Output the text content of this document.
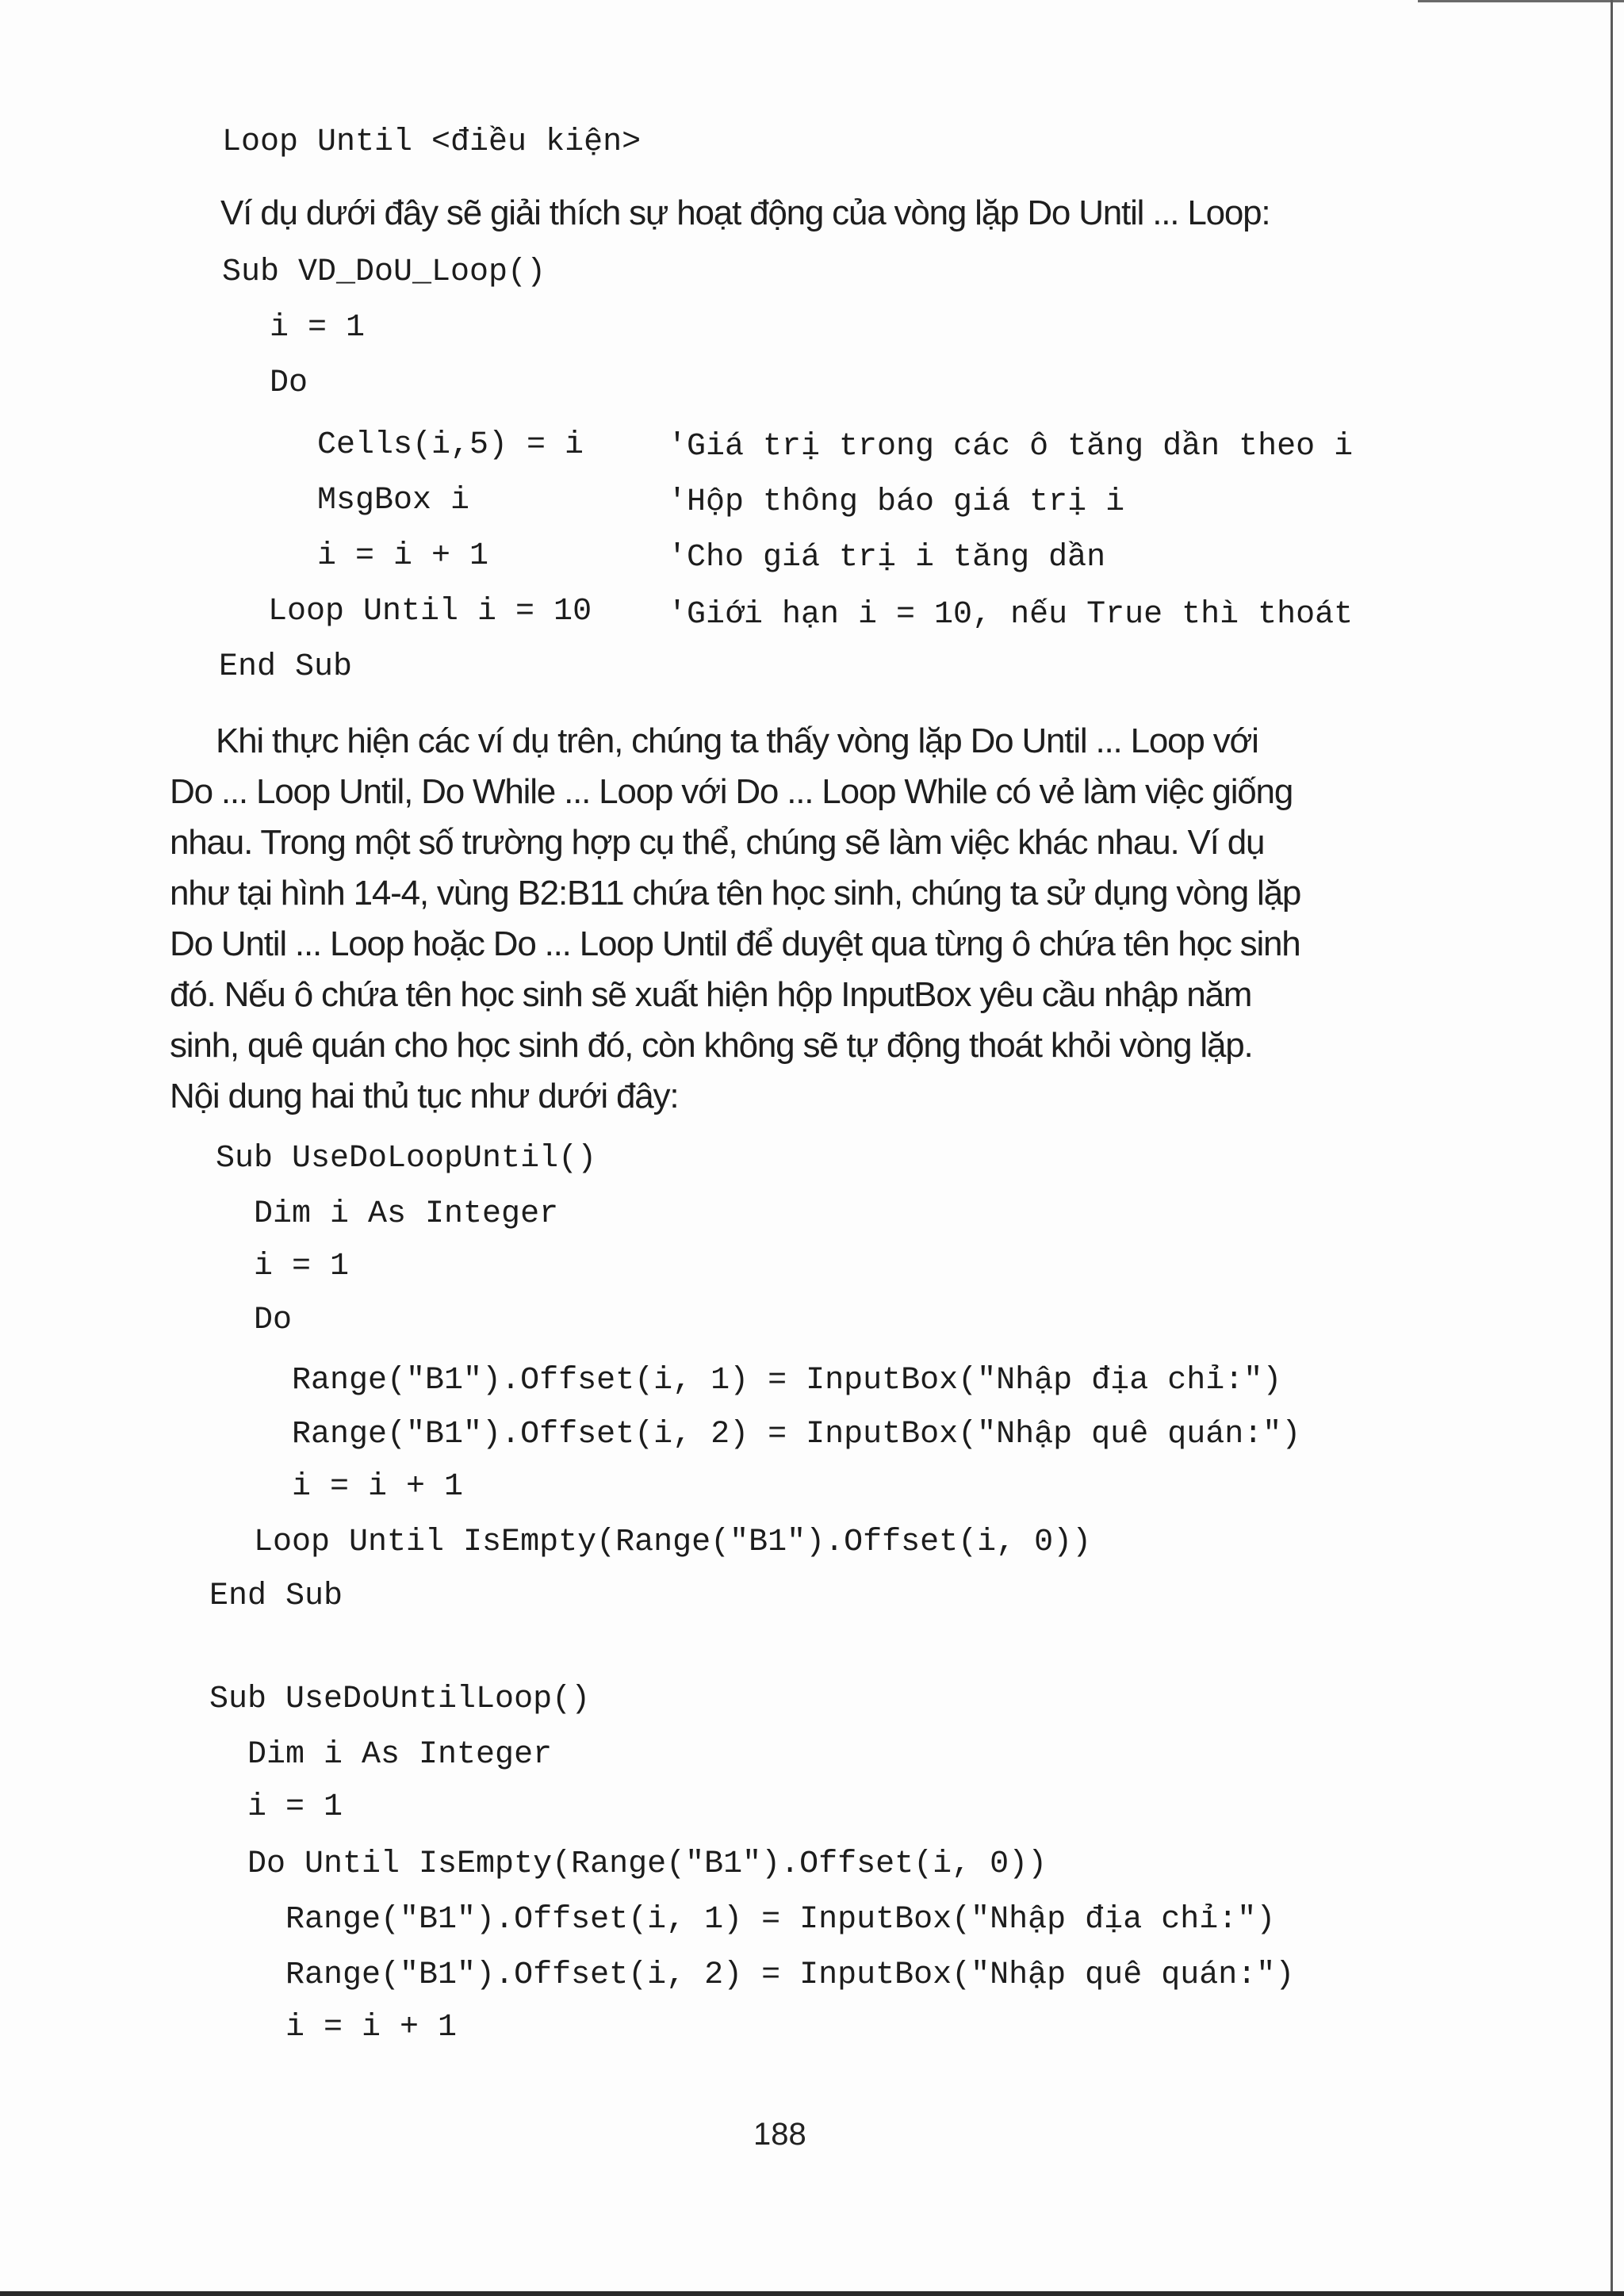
Loop Until <điều kiện>
Ví dụ dưới đây sẽ giải thích sự hoạt động của vòng lặp Do Until ... Loop:
Sub VD_DoU_Loop()
i = 1
Do
Cells(i,5) = i	'Giá trị trong các ô tăng dần theo i
MsgBox i	'Hộp thông báo giá trị i
i = i + 1	'Cho giá trị i tăng dần
Loop Until i = 10 'Giới hạn i = 10, nếu True thì thoát
End Sub
Khi thực hiện các ví dụ trên, chúng ta thấy vòng lặp Do Until ... Loop với
Do ... Loop Until, Do While ... Loop với Do ... Loop While có vẻ làm việc giống
nhau. Trong một số trường hợp cụ thể, chúng sẽ làm việc khác nhau. Ví dụ
như tại hình 14-4, vùng B2:B11 chứa tên học sinh, chúng ta sử dụng vòng lặp
Do Until ... Loop hoặc Do ... Loop Until để duyệt qua từng ô chứa tên học sinh
đó. Nếu ô chứa tên học sinh sẽ xuất hiện hộp InputBox yêu cầu nhập năm
sinh, quê quán cho học sinh đó, còn không sẽ tự động thoát khỏi vòng lặp.
Nội dung hai thủ tục như dưới đây:
Sub UseDoLoopUntil()
Dim i As Integer
i = 1
Do
Range("B1").Offset(i, 1) = InputBox("Nhập địa chỉ:")
Range("B1").Offset(i, 2) = InputBox("Nhập quê quán:")
i = i + 1
Loop Until IsEmpty(Range("B1").Offset(i, 0))
End Sub
Sub UseDoUntilLoop()
Dim i As Integer
i = 1
Do Until IsEmpty(Range("B1").Offset(i, 0))
Range("B1").Offset(i, 1) = InputBox("Nhập địa chỉ:")
Range("B1").Offset(i, 2) = InputBox("Nhập quê quán:")
i = i + 1
188
